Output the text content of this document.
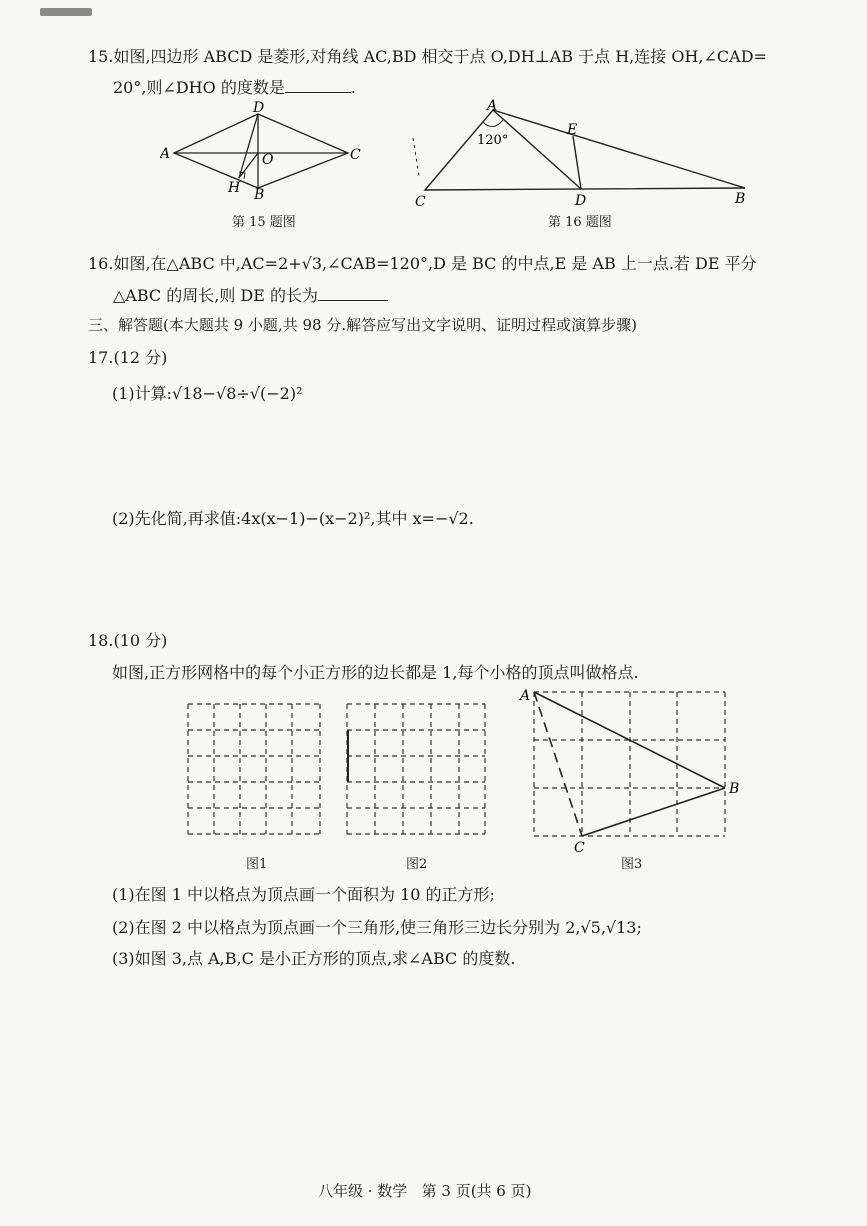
15.如图,四边形 ABCD 是菱形,对角线 AC,BD 相交于点 O,DH⊥AB 于点 H,连接 OH,∠CAD=
20°,则∠DHO 的度数是	.
A
D
O	C
H B
第 15 题图
A
120°
E
C	D	B
第 16 题图
16.如图,在△ABC 中,AC=2+√3,∠CAB=120°,D 是 BC 的中点,E 是 AB 上一点.若 DE 平分
△ABC 的周长,则 DE 的长为
三、解答题(本大题共 9 小题,共 98 分.解答应写出文字说明、证明过程或演算步骤)
17.(12 分)
(1)计算:√18−√8÷√(−2)²
(2)先化简,再求值:4x(x−1)−(x−2)²,其中 x=−√2.
18.(10 分)
如图,正方形网格中的每个小正方形的边长都是 1,每个小格的顶点叫做格点.
图1	图2
A
B
C
图3
(1)在图 1 中以格点为顶点画一个面积为 10 的正方形;
(2)在图 2 中以格点为顶点画一个三角形,使三角形三边长分别为 2,√5,√13;
(3)如图 3,点 A,B,C 是小正方形的顶点,求∠ABC 的度数.
八年级 · 数学   第 3 页(共 6 页)
